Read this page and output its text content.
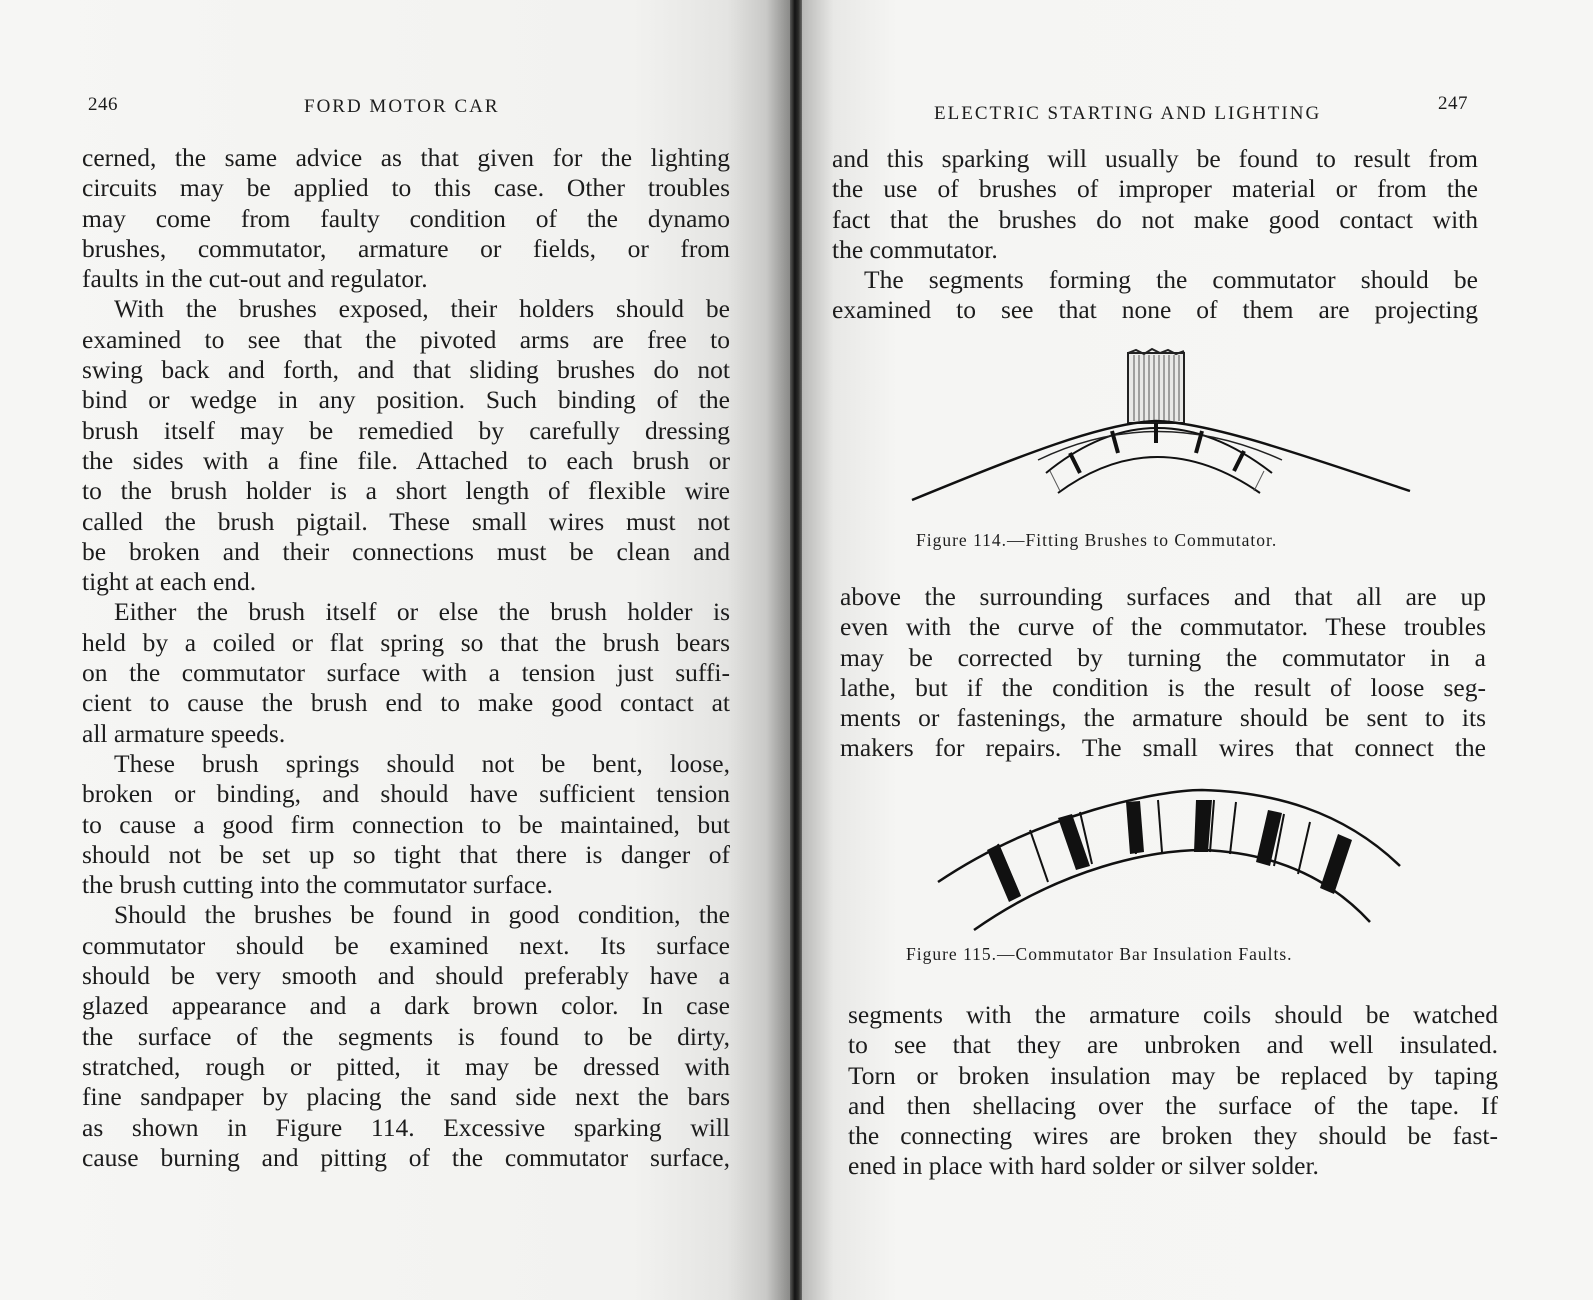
246	FORD MOTOR CAR
cerned, the same advice as that given for the lighting
circuits may be applied to this case. Other troubles
may come from faulty condition of the dynamo
brushes, commutator, armature or fields, or from
faults in the cut-out and regulator.
With the brushes exposed, their holders should be
examined to see that the pivoted arms are free to
swing back and forth, and that sliding brushes do not
bind or wedge in any position. Such binding of the
brush itself may be remedied by carefully dressing
the sides with a fine file. Attached to each brush or
to the brush holder is a short length of flexible wire
called the brush pigtail. These small wires must not
be broken and their connections must be clean and
tight at each end.
Either the brush itself or else the brush holder is
held by a coiled or flat spring so that the brush bears
on the commutator surface with a tension just suffi-
cient to cause the brush end to make good contact at
all armature speeds.
These brush springs should not be bent, loose,
broken or binding, and should have sufficient tension
to cause a good firm connection to be maintained, but
should not be set up so tight that there is danger of
the brush cutting into the commutator surface.
Should the brushes be found in good condition, the
commutator should be examined next. Its surface
should be very smooth and should preferably have a
glazed appearance and a dark brown color. In case
the surface of the segments is found to be dirty,
stratched, rough or pitted, it may be dressed with
fine sandpaper by placing the sand side next the bars
as shown in Figure 114. Excessive sparking will
cause burning and pitting of the commutator surface,
ELECTRIC STARTING AND LIGHTING	247
and this sparking will usually be found to result from
the use of brushes of improper material or from the
fact that the brushes do not make good contact with
the commutator.
The segments forming the commutator should be
examined to see that none of them are projecting
Figure 114.—Fitting Brushes to Commutator.
above the surrounding surfaces and that all are up
even with the curve of the commutator. These troubles
may be corrected by turning the commutator in a
lathe, but if the condition is the result of loose seg-
ments or fastenings, the armature should be sent to its
makers for repairs. The small wires that connect the
Figure 115.—Commutator Bar Insulation Faults.
segments with the armature coils should be watched
to see that they are unbroken and well insulated.
Torn or broken insulation may be replaced by taping
and then shellacing over the surface of the tape. If
the connecting wires are broken they should be fast-
ened in place with hard solder or silver solder.
